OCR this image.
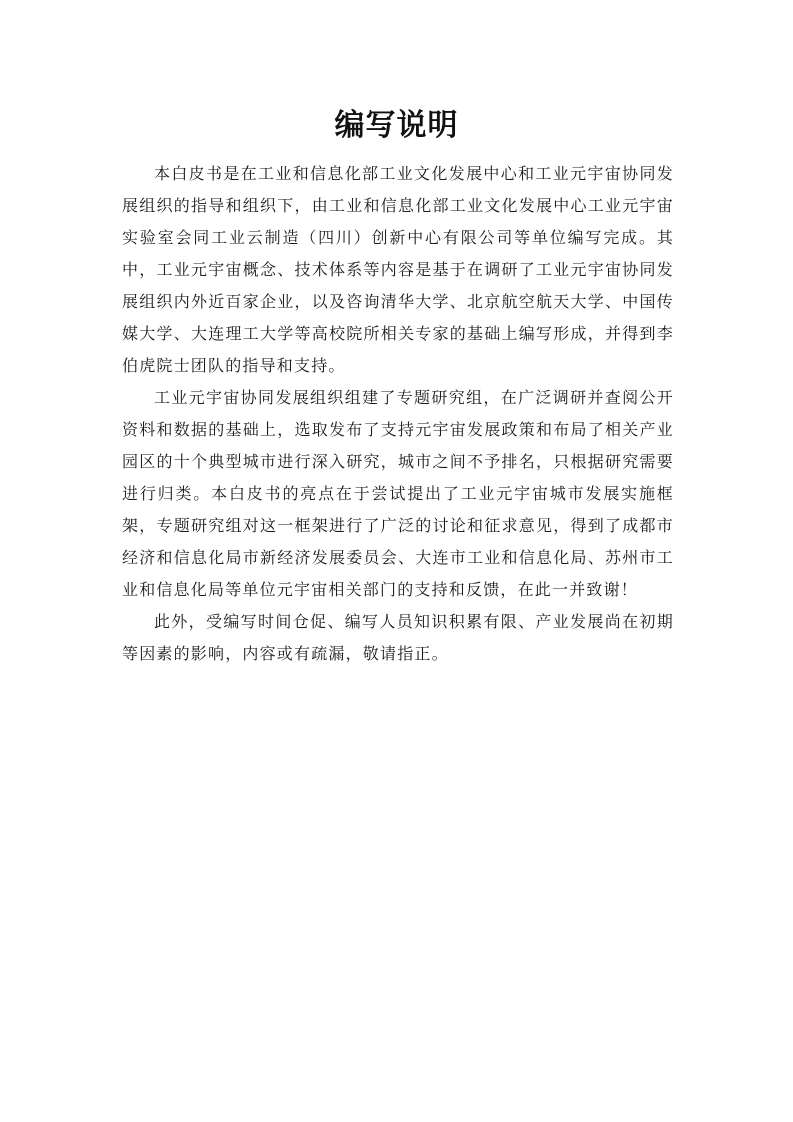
编写说明

本白皮书是在工业和信息化部工业文化发展中心和工业元宇宙协同发展组织的指导和组织下，由工业和信息化部工业文化发展中心工业元宇宙实验室会同工业云制造（四川）创新中心有限公司等单位编写完成。其中，工业元宇宙概念、技术体系等内容是基于在调研了工业元宇宙协同发展组织内外近百家企业，以及咨询清华大学、北京航空航天大学、中国传媒大学、大连理工大学等高校院所相关专家的基础上编写形成，并得到李伯虎院士团队的指导和支持。

工业元宇宙协同发展组织组建了专题研究组，在广泛调研并查阅公开资料和数据的基础上，选取发布了支持元宇宙发展政策和布局了相关产业园区的十个典型城市进行深入研究，城市之间不予排名，只根据研究需要进行归类。本白皮书的亮点在于尝试提出了工业元宇宙城市发展实施框架，专题研究组对这一框架进行了广泛的讨论和征求意见，得到了成都市经济和信息化局市新经济发展委员会、大连市工业和信息化局、苏州市工业和信息化局等单位元宇宙相关部门的支持和反馈，在此一并致谢！

此外，受编写时间仓促、编写人员知识积累有限、产业发展尚在初期等因素的影响，内容或有疏漏，敬请指正。
